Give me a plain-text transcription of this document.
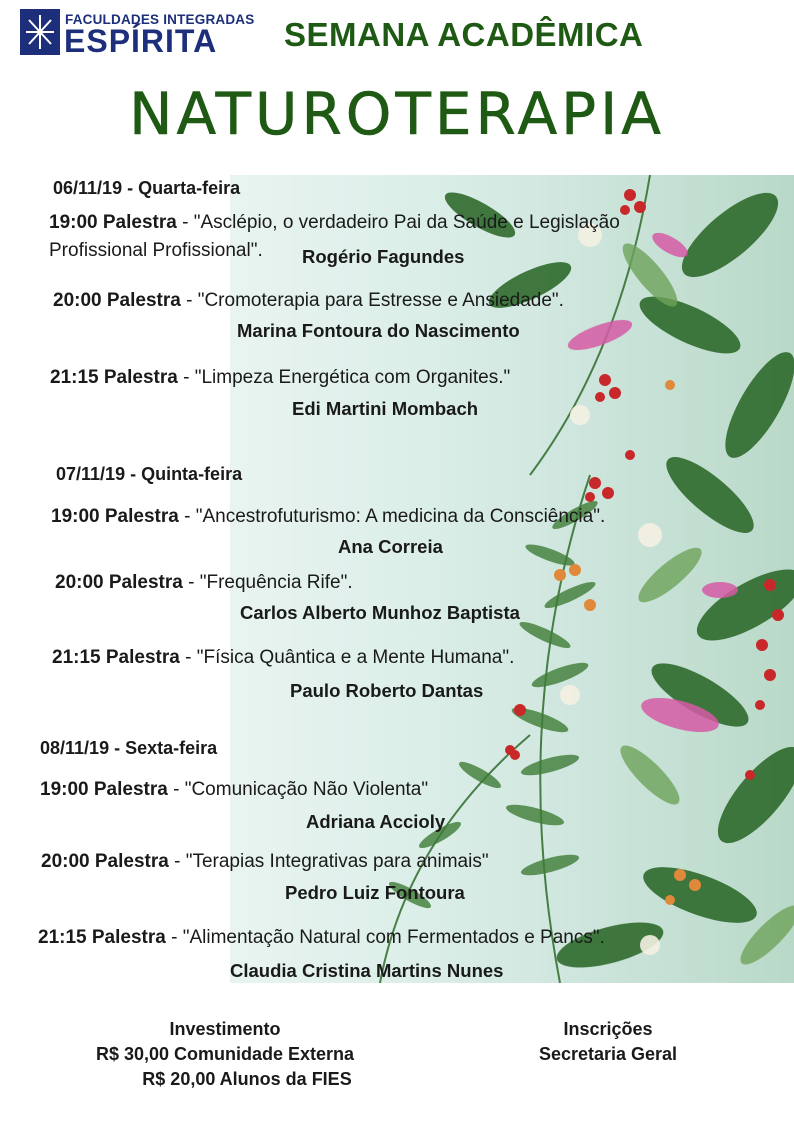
FACULDADES INTEGRADAS
ESPÍRITA SEMANA ACADÊMICA
NATUROTERAPIA
06/11/19 - Quarta-feira
19:00 Palestra - "Asclépio, o verdadeiro Pai da Saúde e Legislação
Profissional Profissional". Rogério Fagundes
20:00 Palestra - "Cromoterapia para Estresse e Ansiedade".
Marina Fontoura do Nascimento
21:15 Palestra - "Limpeza Energética com Organites."
Edi Martini Mombach
07/11/19 - Quinta-feira
19:00 Palestra - "Ancestrofuturismo: A medicina da Consciência".
Ana Correia
20:00 Palestra - "Frequência Rife".
Carlos Alberto Munhoz Baptista
21:15 Palestra - "Física Quântica e a Mente Humana".
Paulo Roberto Dantas
08/11/19 - Sexta-feira
19:00 Palestra - "Comunicação Não Violenta"
Adriana Accioly
20:00 Palestra - "Terapias Integrativas para animais"
Pedro Luiz Fontoura
21:15 Palestra - "Alimentação Natural com Fermentados e Pancs".
Claudia Cristina Martins Nunes
Investimento
R$ 30,00 Comunidade Externa
R$ 20,00 Alunos da FIES
Inscrições
Secretaria Geral
